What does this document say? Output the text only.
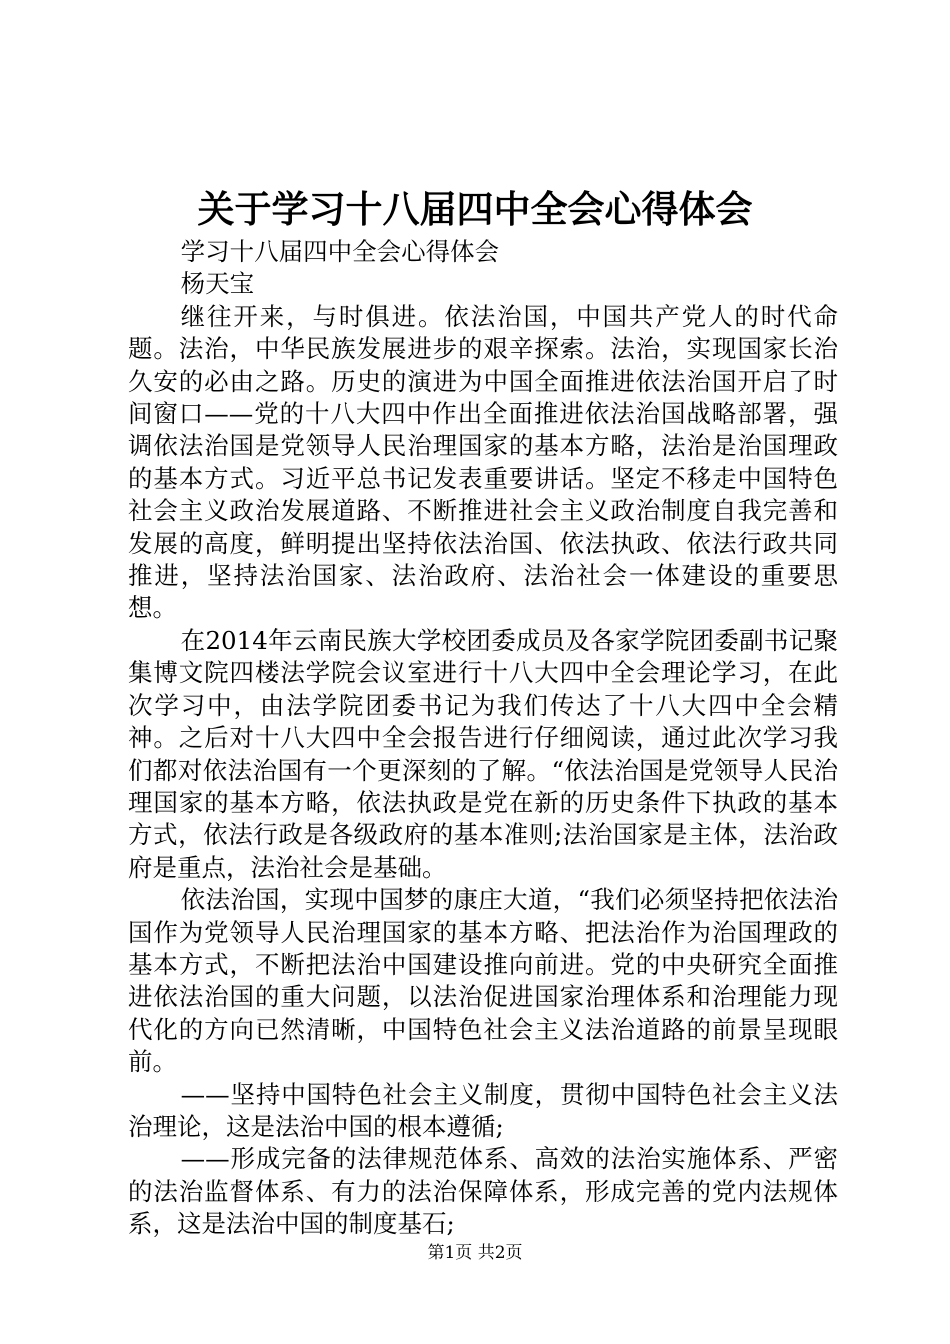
关于学习十八届四中全会心得体会

学习十八届四中全会心得体会

杨天宝

继往开来，与时俱进。依法治国，中国共产党人的时代命题。法治，中华民族发展进步的艰辛探索。法治，实现国家长治久安的必由之路。历史的演进为中国全面推进依法治国开启了时间窗口——党的十八大四中作出全面推进依法治国战略部署，强调依法治国是党领导人民治理国家的基本方略，法治是治国理政的基本方式。习近平总书记发表重要讲话。坚定不移走中国特色社会主义政治发展道路、不断推进社会主义政治制度自我完善和发展的高度，鲜明提出坚持依法治国、依法执政、依法行政共同推进，坚持法治国家、法治政府、法治社会一体建设的重要思想。

在2014年云南民族大学校团委成员及各家学院团委副书记聚集博文院四楼法学院会议室进行十八大四中全会理论学习，在此次学习中，由法学院团委书记为我们传达了十八大四中全会精神。之后对十八大四中全会报告进行仔细阅读，通过此次学习我们都对依法治国有一个更深刻的了解。“依法治国是党领导人民治理国家的基本方略，依法执政是党在新的历史条件下执政的基本方式，依法行政是各级政府的基本准则;法治国家是主体，法治政府是重点，法治社会是基础。

依法治国，实现中国梦的康庄大道，“我们必须坚持把依法治国作为党领导人民治理国家的基本方略、把法治作为治国理政的基本方式，不断把法治中国建设推向前进。党的中央研究全面推进依法治国的重大问题，以法治促进国家治理体系和治理能力现代化的方向已然清晰，中国特色社会主义法治道路的前景呈现眼前。

——坚持中国特色社会主义制度，贯彻中国特色社会主义法治理论，这是法治中国的根本遵循;

——形成完备的法律规范体系、高效的法治实施体系、严密的法治监督体系、有力的法治保障体系，形成完善的党内法规体系，这是法治中国的制度基石;

第1页 共2页
